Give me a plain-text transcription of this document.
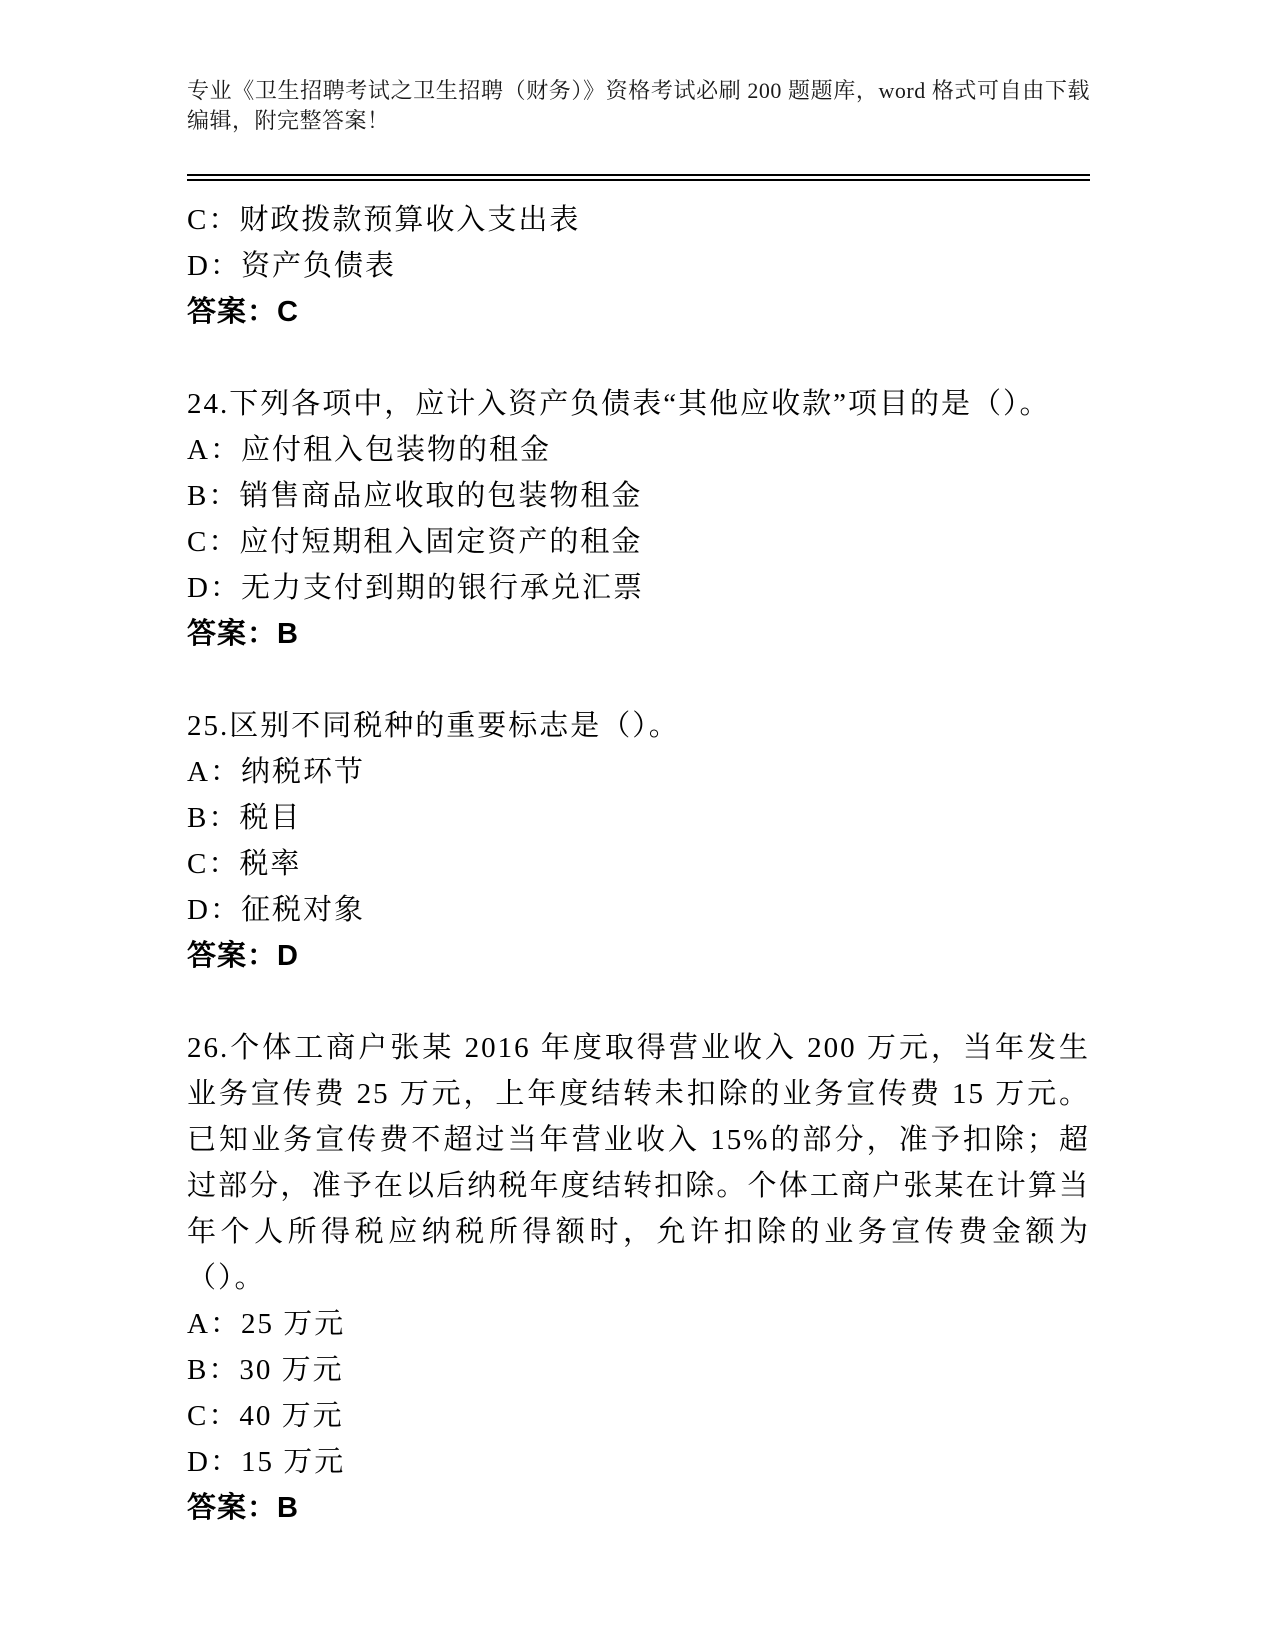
专业《卫生招聘考试之卫生招聘（财务）》资格考试必刷 200 题题库，word 格式可自由下载编辑，附完整答案！

C：财政拨款预算收入支出表

D：资产负债表

答案：C

24.下列各项中，应计入资产负债表“其他应收款”项目的是（）。

A：应付租入包装物的租金

B：销售商品应收取的包装物租金

C：应付短期租入固定资产的租金

D：无力支付到期的银行承兑汇票

答案：B

25.区别不同税种的重要标志是（）。

A：纳税环节

B：税目

C：税率

D：征税对象

答案：D

26.个体工商户张某 2016 年度取得营业收入 200 万元，当年发生业务宣传费 25 万元，上年度结转未扣除的业务宣传费 15 万元。已知业务宣传费不超过当年营业收入 15%的部分，准予扣除；超过部分，准予在以后纳税年度结转扣除。个体工商户张某在计算当年个人所得税应纳税所得额时，允许扣除的业务宣传费金额为（）。

A：25 万元

B：30 万元

C：40 万元

D：15 万元

答案：B
